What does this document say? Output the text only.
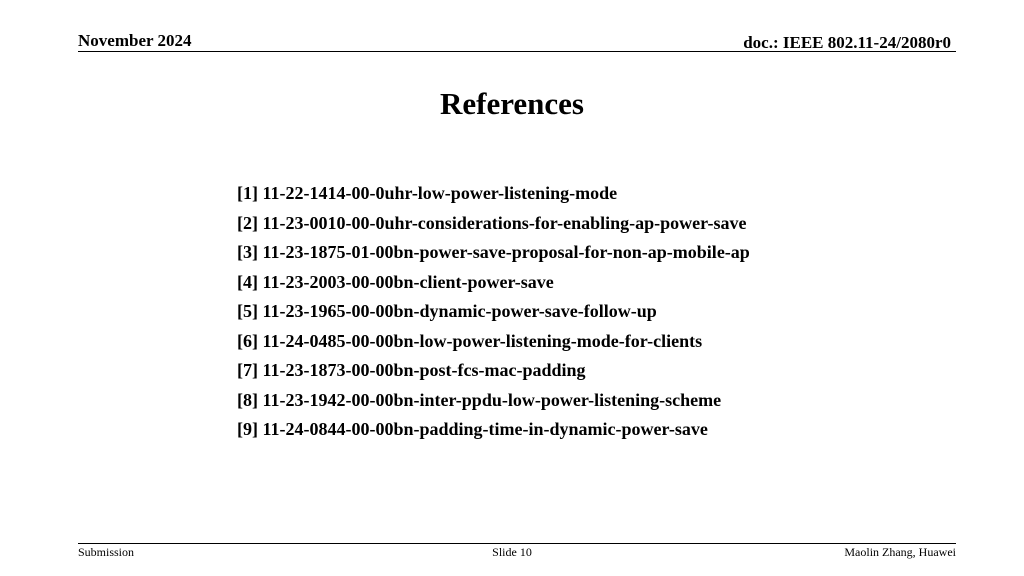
November 2024	doc.: IEEE 802.11-24/2080r0
References
[1] 11-22-1414-00-0uhr-low-power-listening-mode
[2] 11-23-0010-00-0uhr-considerations-for-enabling-ap-power-save
[3] 11-23-1875-01-00bn-power-save-proposal-for-non-ap-mobile-ap
[4] 11-23-2003-00-00bn-client-power-save
[5] 11-23-1965-00-00bn-dynamic-power-save-follow-up
[6] 11-24-0485-00-00bn-low-power-listening-mode-for-clients
[7] 11-23-1873-00-00bn-post-fcs-mac-padding
[8] 11-23-1942-00-00bn-inter-ppdu-low-power-listening-scheme
[9] 11-24-0844-00-00bn-padding-time-in-dynamic-power-save
Submission	Slide 10	Maolin Zhang, Huawei
